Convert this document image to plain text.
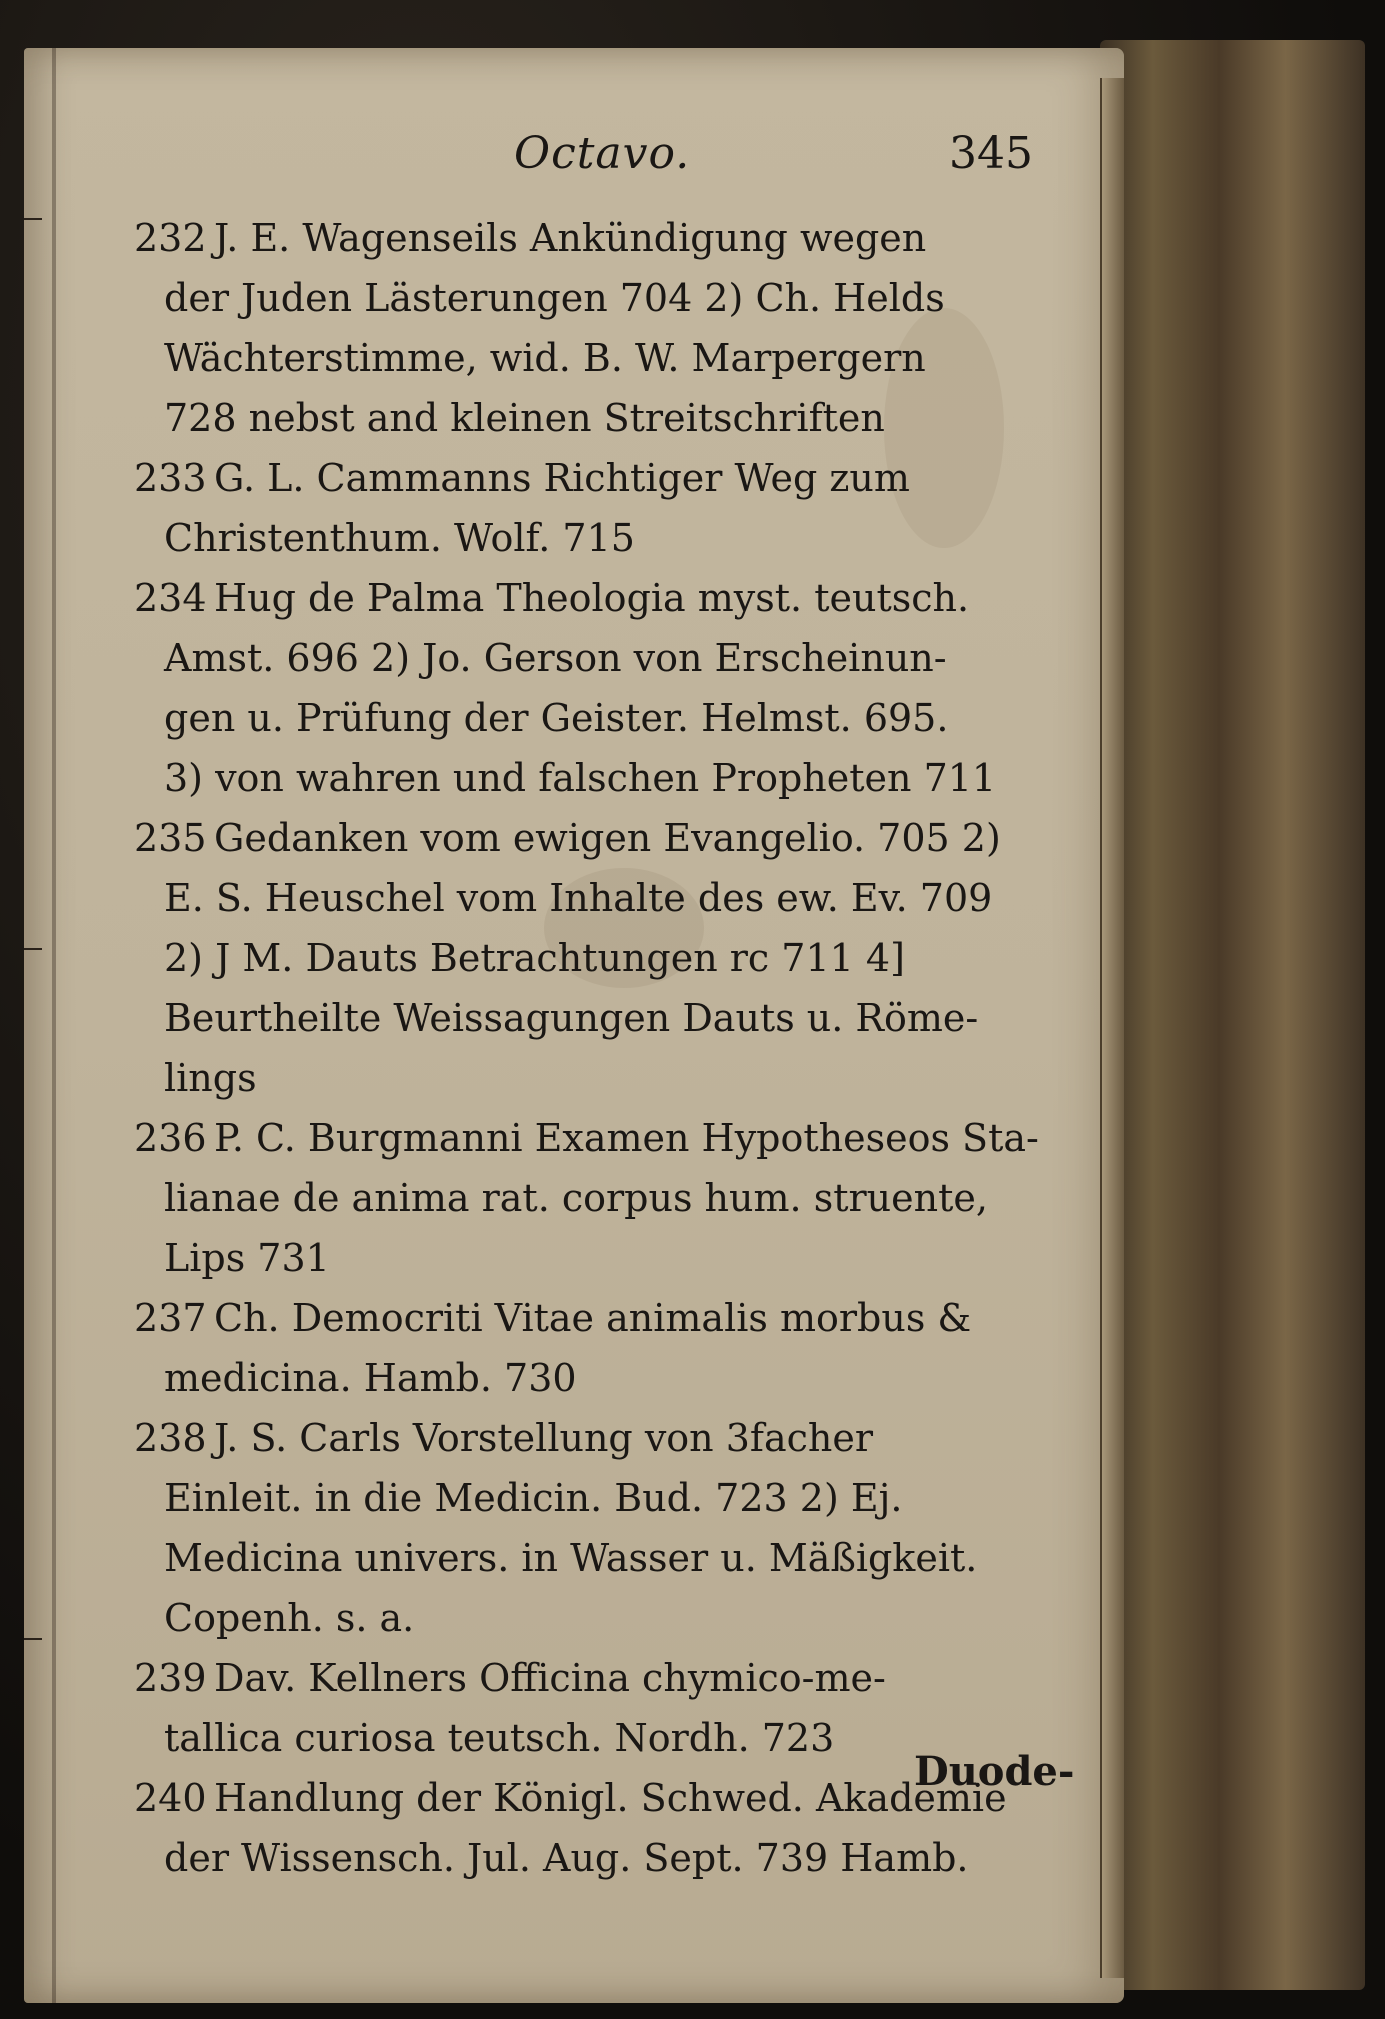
Octavo.	345
232 J. E. Wagenseils Ankündigung wegen
der Juden Lästerungen 704 2) Ch. Helds
Wächterstimme, wid. B. W. Marpergern
728 nebst and kleinen Streitschriften
233 G. L. Cammanns Richtiger Weg zum
Christenthum. Wolf. 715
234 Hug de Palma Theologia myst. teutsch.
Amst. 696 2) Jo. Gerson von Erscheinun-
gen u. Prüfung der Geister. Helmst. 695.
3) von wahren und falschen Propheten 711
235 Gedanken vom ewigen Evangelio. 705 2)
E. S. Heuschel vom Inhalte des ew. Ev. 709
2) J M. Dauts Betrachtungen rc 711 4]
Beurtheilte Weissagungen Dauts u. Röme-
lings
236 P. C. Burgmanni Examen Hypotheseos Sta-
lianae de anima rat. corpus hum. struente,
Lips 731
237 Ch. Democriti Vitae animalis morbus &
medicina. Hamb. 730
238 J. S. Carls Vorstellung von 3facher
Einleit. in die Medicin. Bud. 723 2) Ej.
Medicina univers. in Wasser u. Mäßigkeit.
Copenh. s. a.
239 Dav. Kellners Officina chymico-me-
tallica curiosa teutsch. Nordh. 723
240 Handlung der Königl. Schwed. Akademie
der Wissensch. Jul. Aug. Sept. 739 Hamb.
Duode-
